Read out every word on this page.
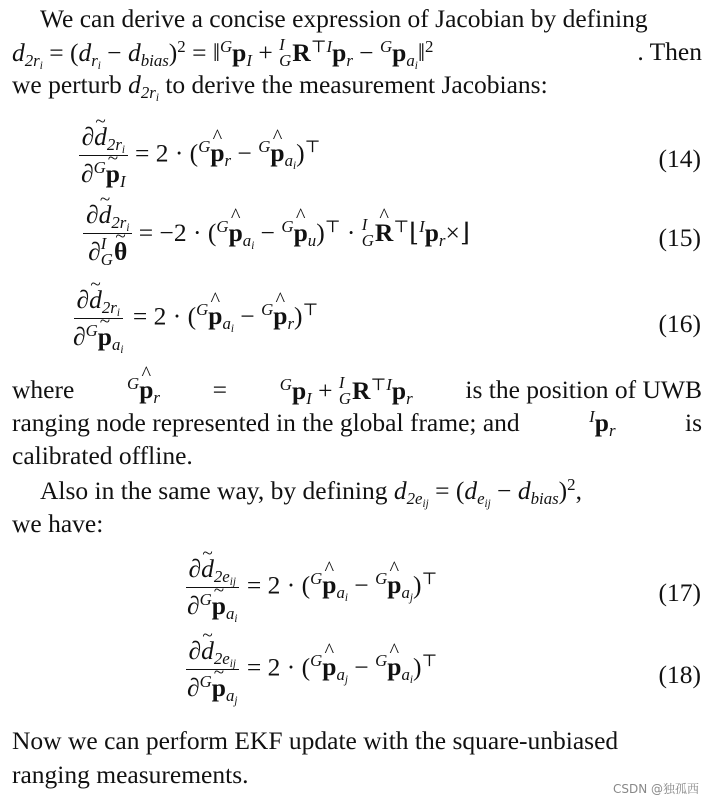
We can derive a concise expression of Jacobian by defining
$d_{2r_i} = (d_{r_i} - d_{bias})^2$ = $‖^Gp_I + I$
G $R^{⊤I}p_r$ − $^Gp_{a_i}‖^2$	. Then
we perturb $d_{2r_i}$ to derive the measurement Jacobians:
$\frac{\partial\sim d_{2r_i}}{\partial^G\sim p_I} = 2$ · ($^G$^ $p_r$ − $^G$^ $p_{a_i})^⊤$	(14)
∂~ $d_{2r_i}$
∂ I
G ~ θ = −2 · ($^G$^ $p_{a_i}$ − $^G$^ $p_u)^⊤ \cdot I$
G ^ $R^⊤⌊^Ip_r\times⌋$	(15)
$\frac{\partial\sim d_{2r_i}}{\partial^G\sim p_{a_i}} = 2$ · ($^G$^ $p_{a_i}$ − $^G$^ $p_r)^⊤$	(16)
where	$^G$^ $p_r$ =	$^Gp_I + I$
G $R^{⊤I}p_r$ is the position of UWB
ranging node represented in the global frame; and	$^Ip_r$	is
calibrated offline.
Also in the same way, by defining $d_{2e_{ij}} = (d_{e_{ij}} - d_{bias})^2$,
we have:
$\frac{\partial\sim d_{2e_{ij}}}{\partial^G\sim p_{a_i}} = 2$ · ($^G$^ $p_{a_i}$ − $^G$^ $p_{a_j})^⊤$	(17)
$\frac{\partial\sim d_{2e_{ij}}}{\partial^G\sim p_{a_j}} = 2$ · ($^G$^ $p_{a_j}$ − $^G$^ $p_{a_i})^⊤$	(18)
Now we can perform EKF update with the square-unbiased
ranging measurements.	CSDN @独孤西
